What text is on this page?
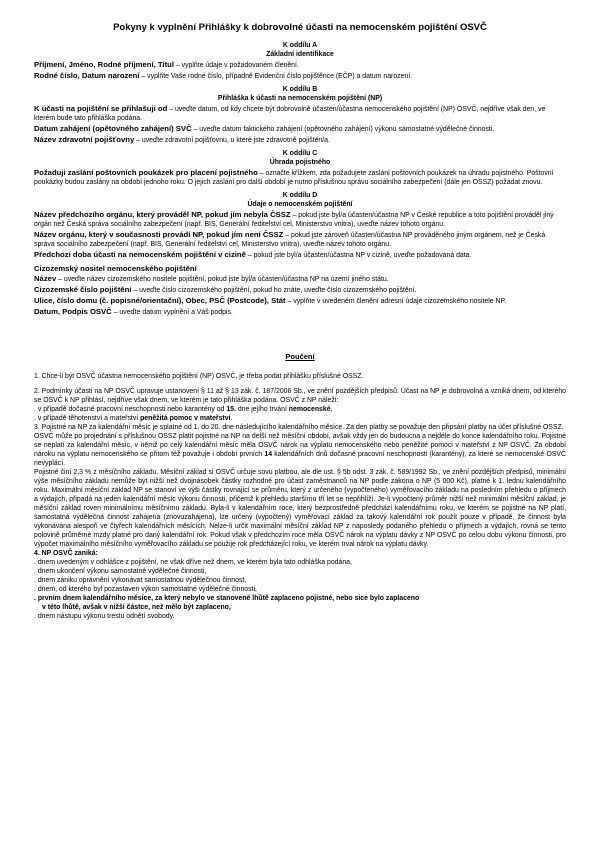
Pokyny k vyplnění Přihlášky k dobrovolné účasti na nemocenském pojištění OSVČ

K oddílu A

Základní identifikace

Příjmení, Jméno, Rodné příjmení, Titul – vyplňte údaje v požadovaném členění.

Rodné číslo, Datum narození – vyplňte Vaše rodné číslo, případně Evidenční číslo pojištěnce (EČP) a datum narození.

K oddílu B

Přihláška k účasti na nemocenském pojištění (NP)

K účasti na pojištění se přihlašuji od – uveďte datum, od kdy chcete být dobrovolně účasten/účastna nemocenského pojištění (NP) OSVČ, nejdříve však den, ve kterém bude tato přihláška podána.

Datum zahájení (opětovného zahájení) SVČ – uveďte datum faktického zahájení (opětovného zahájení) výkonu samostatné výdělečné činnosti.

Název zdravotní pojišťovny – uveďte zdravotní pojišťovnu, u které jste zdravotně pojištěn/a.

K oddílu C

Úhrada pojistného

Požaduji zaslání poštovních poukázek pro placení pojistného – označte křížkem, zda požadujete zaslání poštovních poukázek na úhradu pojistného. Poštovní poukázky budou zaslány na období jednoho roku. O jejich zaslání pro další období je nutno příslušnou správu sociálního zabezpečení (dále jen OSSZ) požádat znovu.

K oddílu D

Údaje o nemocenském pojištění

Název předchozího orgánu, který prováděl NP, pokud jím nebyla ČSSZ – pokud jste byl/a účasten/účastna NP v České republice a toto pojištění prováděl jiný orgán než Česká správa sociálního zabezpečení (např. BIS, Generální ředitelství cel, Ministerstvo vnitra), uveďte název tohoto orgánu.

Název orgánu, který v současnosti provádí NP, pokud jím není ČSSZ – pokud jste zároveň účasten/účastna NP prováděného jiným orgánem, než je Česká správa sociálního zabezpečení (např. BIS, Generální ředitelství cel, Ministerstvo vnitra), uveďte název tohoto orgánu.

Předchozí doba účasti na nemocenském pojištění v cizině – pokud jste byl/a účasten/účastna NP v cizině, uveďte požadovaná data.

Cizozemský nositel nemocenského pojištění

Název – uveďte název cizozemského nositele pojištění, pokud jste byl/a účasten/účastna NP na území jiného státu.

Cizozemské číslo pojištění – uveďte číslo cizozemského pojištění, pokud ho znáte, uveďte číslo cizozemského pojištění.

Ulice, číslo domu (č. popisné/orientační), Obec, PSČ (Postcode), Stát – vyplňte v uvedeném členění adresní údaje cizozemského nositele NP.

Datum, Podpis OSVČ – uveďte datum vyplnění a Váš podpis.

Poučení

1. Chce-li být OSVČ účastna nemocenského pojištění (NP) OSVČ, je třeba podat přihlášku příslušné OSSZ.

2. Podmínky účasti na NP OSVČ upravuje ustanovení § 11 až § 13 zák. č. 187/2006 Sb., ve znění pozdějších předpisů. Účast na NP je dobrovolná a vzniká dnem, od kterého se OSVČ k NP přihlásí, nejdříve však dnem, ve kterém je tato přihláška podána. OSVČ z NP náleží:

. v případě dočasné pracovní neschopnosti nebo karantény od 15. dne jejího trvání nemocenské,

. v případě těhotenství a mateřství peněžitá pomoc v mateřství.

3. Pojistné na NP za kalendářní měsíc je splatné od 1. do 20. dne následujícího kalendářního měsíce. Za den platby se považuje den připsání platby na účet příslušné OSSZ.

OSVČ může po projednání s příslušnou OSSZ platit pojistné na NP na delší než měsíční období, avšak vždy jen do budoucna a nejdéle do konce kalendářního roku. Pojistné se neplatí za kalendářní měsíc, v němž po celý kalendářní měsíc měla OSVČ nárok na výplatu nemocenského nebo peněžité pomoci v mateřství z NP OSVČ. Za období nároku na výplatu nemocenského se přitom též považuje i období prvních 14 kalendářních dnů dočasné pracovní neschopnosti (karantény), za které se nemocenské OSVČ nevyplácí.

Pojistné činí 2,3 % z měsíčního základu. Měsíční základ si OSVČ určuje sovu platbou, ale dle ust. § 5b odst. 3 zák. č. 589/1992 Sb., ve znění pozdějších předpisů, minimální výše měsíčního základu nemůže být nižší než dvojnásobek částky rozhodné pro účast zaměstnanců na NP podle zákona o NP (5 000 Kč), platné k 1. lednu kalendářního roku. Maximální měsíční základ NP se stanoví ve výši částky rovnající se průměru, který z určeného (vypočteného) vyměřovacího základu na posledním přehledu o příjmech a výdajích, připadá na jeden kalendářní měsíc výkonu činnosti, přičemž k přehledu staršímu tří let se nepřihlíží. Je-li vypočtený průměr nižší než minimální měsíční základ, je měsíční základ roven minimálnímu měsíčnímu základu. Byla-li v kalendářním roce, který bezprostředně předchází kalendářnímu roku, ve kterém se pojistné na NP platí, samostatná výdělečná činnost zahájena (znovuzahájena), lze určený (vypočtený) vyměřovací základ za takový kalendářní rok použít pouze v případě, že činnost byla vykonávána alespoň ve čtyřech kalendářních měsících. Nelze-li určit maximální měsíční základ NP z naposledy podaného přehledu o příjmech a výdajích, rovná se tento polovině průměrné mzdy platné pro daný kalendářní rok. Pokud však v předchozím roce měla OSVČ nárok na výplatu dávky z NP OSVČ po celou dobu výkonu činnosti, pro výpočet maximálního měsíčního vyměřovacího základu se použije rok předcházející roku, ve kterém trval nárok na výplatu dávky.

4. NP OSVČ zaniká:

. dnem uvedeným v odhlášce z pojištění, ne však dříve než dnem, ve kterém byla tato odhláška podána,

. dnem ukončení výkonu samostatné výdělečné činnosti,

. dnem zániku oprávnění vykonávat samostatnou výdělečnou činnost,

. dnem, od kterého byl pozastaven výkon samostatné výdělečné činnosti,

. prvním dnem kalendářního měsíce, za který nebylo ve stanovené lhůtě zaplaceno pojistné, nebo sice bylo zaplaceno

v této lhůtě, avšak v nižší částce, než mělo být zaplaceno,

. dnem nástupu výkonu trestu odnětí svobody.
